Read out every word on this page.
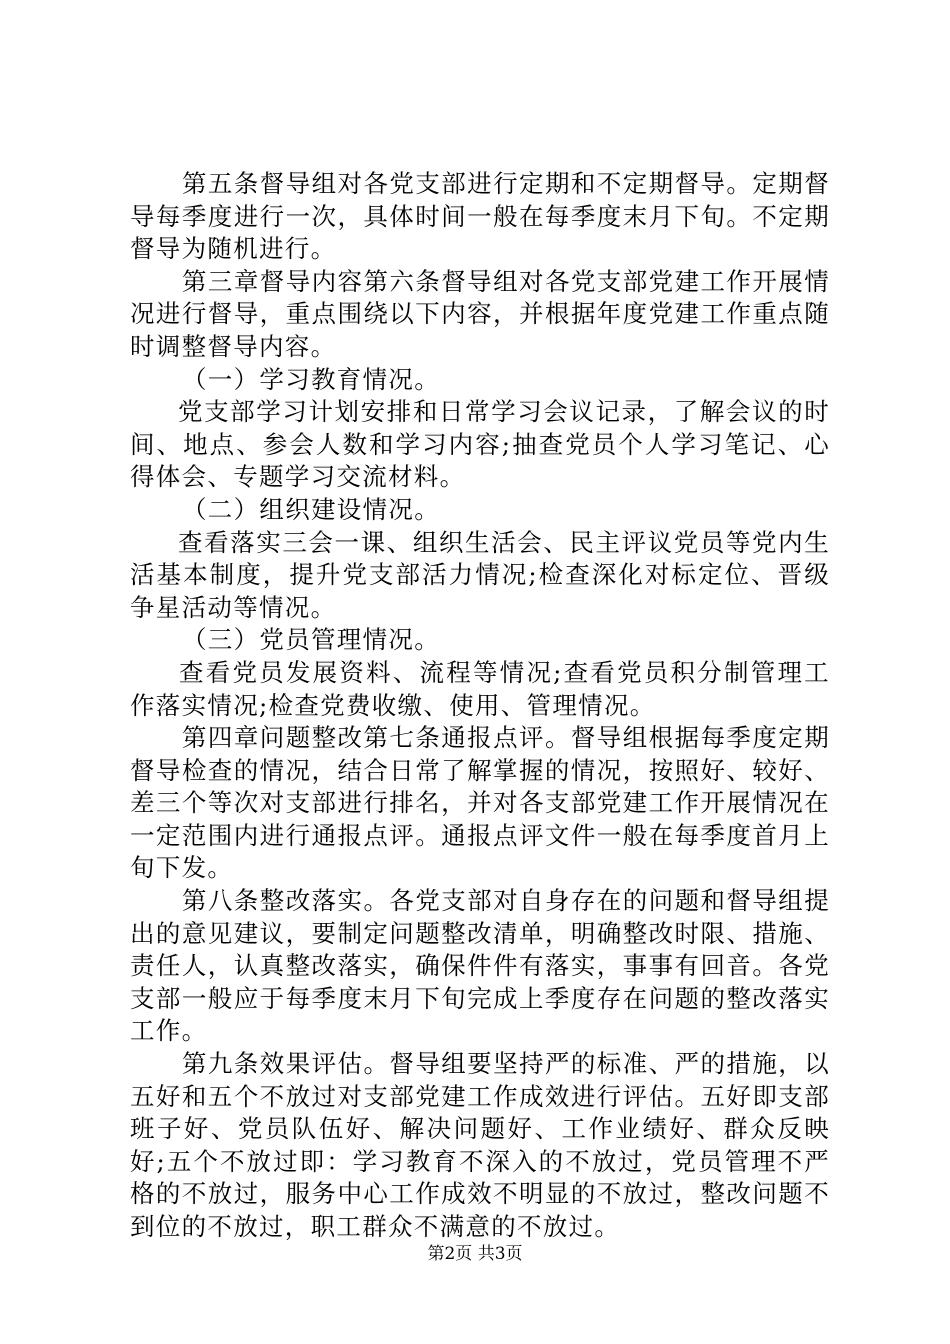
第五条督导组对各党支部进行定期和不定期督导。定期督导每季度进行一次，具体时间一般在每季度末月下旬。不定期督导为随机进行。

第三章督导内容第六条督导组对各党支部党建工作开展情况进行督导，重点围绕以下内容，并根据年度党建工作重点随时调整督导内容。

（一）学习教育情况。

党支部学习计划安排和日常学习会议记录，了解会议的时间、地点、参会人数和学习内容;抽查党员个人学习笔记、心得体会、专题学习交流材料。

（二）组织建设情况。

查看落实三会一课、组织生活会、民主评议党员等党内生活基本制度，提升党支部活力情况;检查深化对标定位、晋级争星活动等情况。

（三）党员管理情况。

查看党员发展资料、流程等情况;查看党员积分制管理工作落实情况;检查党费收缴、使用、管理情况。

第四章问题整改第七条通报点评。督导组根据每季度定期督导检查的情况，结合日常了解掌握的情况，按照好、较好、差三个等次对支部进行排名，并对各支部党建工作开展情况在一定范围内进行通报点评。通报点评文件一般在每季度首月上旬下发。

第八条整改落实。各党支部对自身存在的问题和督导组提出的意见建议，要制定问题整改清单，明确整改时限、措施、责任人，认真整改落实，确保件件有落实，事事有回音。各党支部一般应于每季度末月下旬完成上季度存在问题的整改落实工作。

第九条效果评估。督导组要坚持严的标准、严的措施，以五好和五个不放过对支部党建工作成效进行评估。五好即支部班子好、党员队伍好、解决问题好、工作业绩好、群众反映好;五个不放过即：学习教育不深入的不放过，党员管理不严格的不放过，服务中心工作成效不明显的不放过，整改问题不到位的不放过，职工群众不满意的不放过。

第2页 共3页
